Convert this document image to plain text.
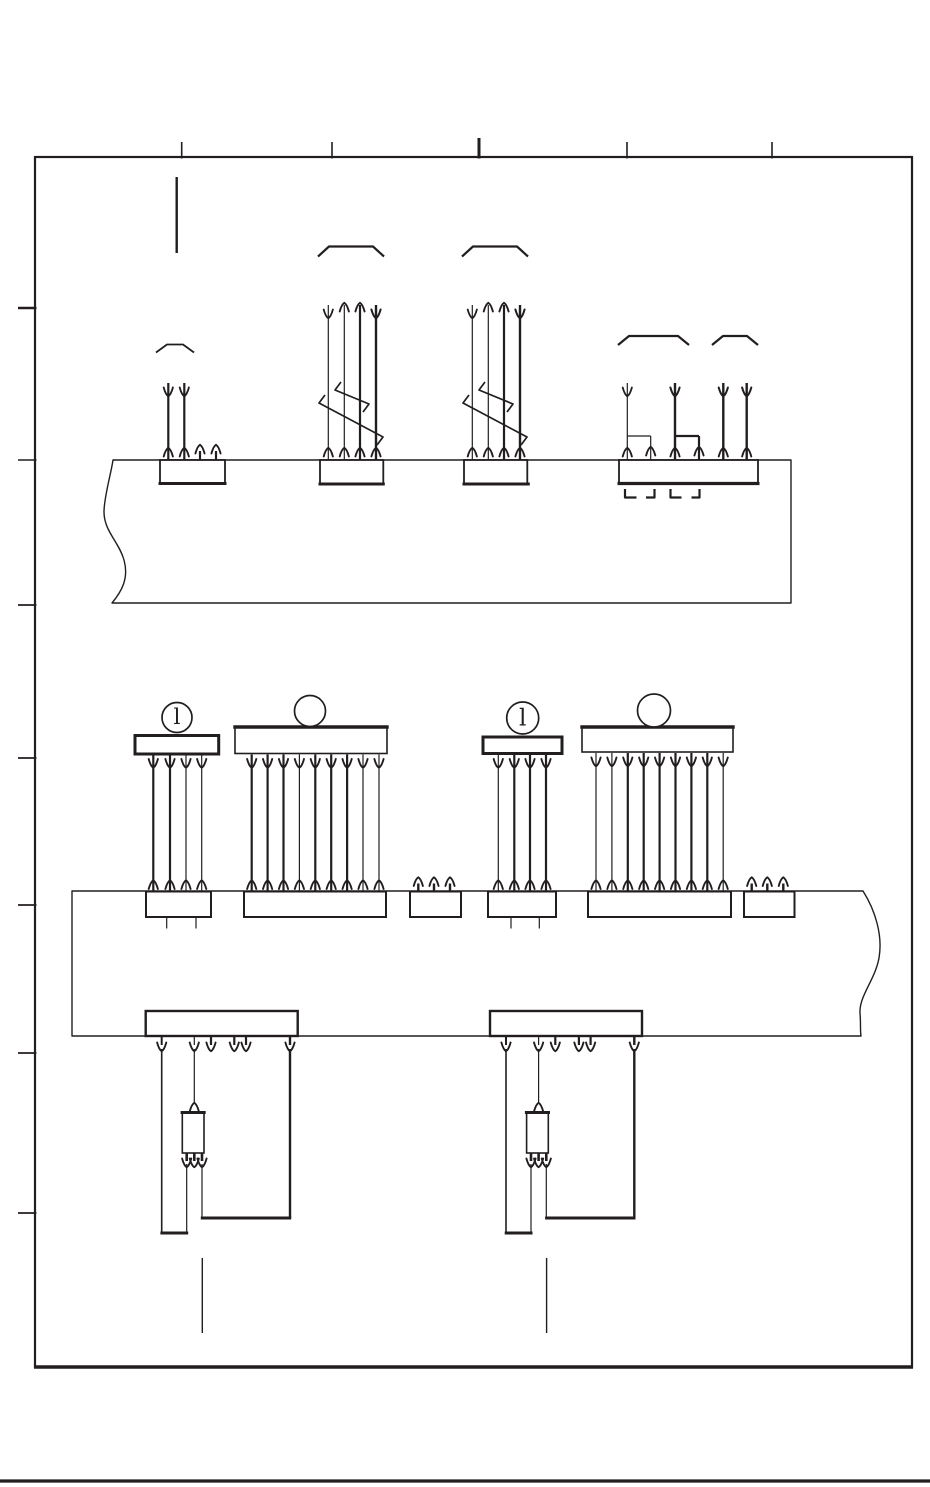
l	l
